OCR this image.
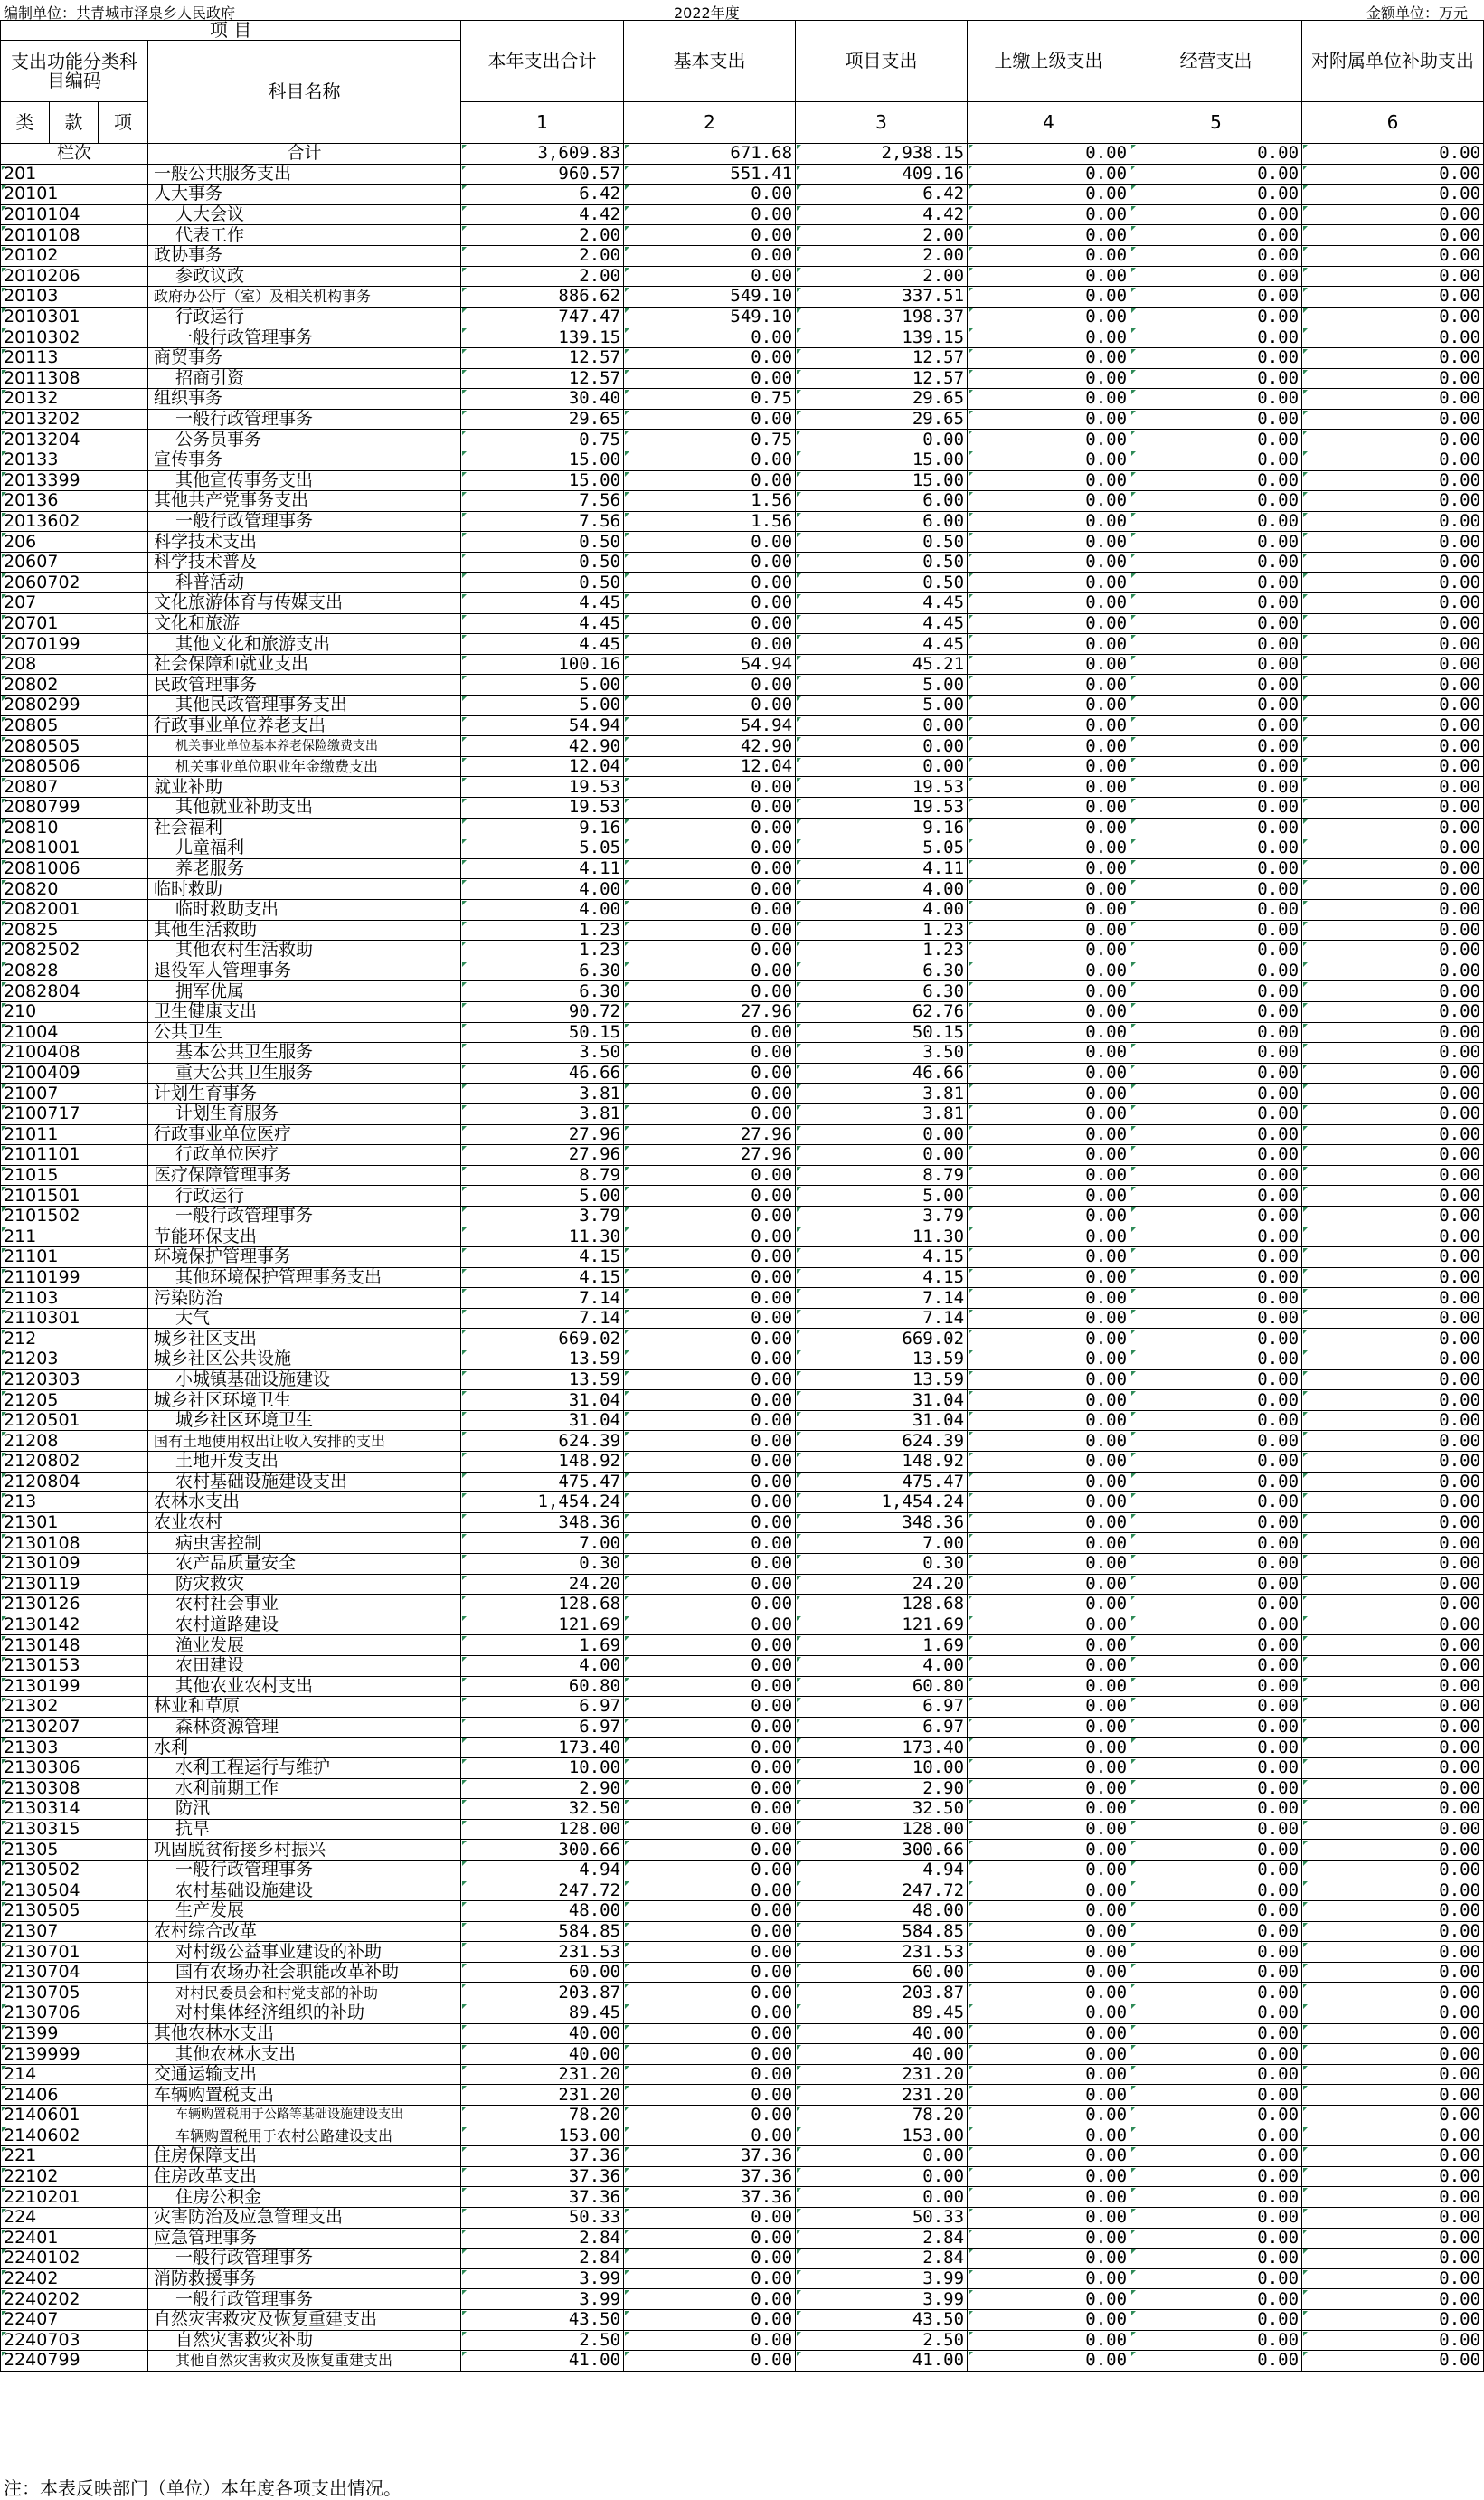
编制单位：共青城市泽泉乡人民政府	2022年度	金额单位：万元
项 目				本年支出合计	基本支出	项目支出	上缴上级支出	经营支出	对附属单位补助支出
支出功能分类科目编码			科目名称						
类	款	项		1	2	3	4	5	6
栏次			合计	3,609.83	671.68	2,938.15	0.00	0.00	0.00
201			一般公共服务支出	960.57	551.41	409.16	0.00	0.00	0.00
20101			人大事务	6.42	0.00	6.42	0.00	0.00	0.00
2010104			人大会议	4.42	0.00	4.42	0.00	0.00	0.00
2010108			代表工作	2.00	0.00	2.00	0.00	0.00	0.00
20102			政协事务	2.00	0.00	2.00	0.00	0.00	0.00
2010206			参政议政	2.00	0.00	2.00	0.00	0.00	0.00
20103			政府办公厅（室）及相关机构事务	886.62	549.10	337.51	0.00	0.00	0.00
2010301			行政运行	747.47	549.10	198.37	0.00	0.00	0.00
2010302			一般行政管理事务	139.15	0.00	139.15	0.00	0.00	0.00
20113			商贸事务	12.57	0.00	12.57	0.00	0.00	0.00
2011308			招商引资	12.57	0.00	12.57	0.00	0.00	0.00
20132			组织事务	30.40	0.75	29.65	0.00	0.00	0.00
2013202			一般行政管理事务	29.65	0.00	29.65	0.00	0.00	0.00
2013204			公务员事务	0.75	0.75	0.00	0.00	0.00	0.00
20133			宣传事务	15.00	0.00	15.00	0.00	0.00	0.00
2013399			其他宣传事务支出	15.00	0.00	15.00	0.00	0.00	0.00
20136			其他共产党事务支出	7.56	1.56	6.00	0.00	0.00	0.00
2013602			一般行政管理事务	7.56	1.56	6.00	0.00	0.00	0.00
206			科学技术支出	0.50	0.00	0.50	0.00	0.00	0.00
20607			科学技术普及	0.50	0.00	0.50	0.00	0.00	0.00
2060702			科普活动	0.50	0.00	0.50	0.00	0.00	0.00
207			文化旅游体育与传媒支出	4.45	0.00	4.45	0.00	0.00	0.00
20701			文化和旅游	4.45	0.00	4.45	0.00	0.00	0.00
2070199			其他文化和旅游支出	4.45	0.00	4.45	0.00	0.00	0.00
208			社会保障和就业支出	100.16	54.94	45.21	0.00	0.00	0.00
20802			民政管理事务	5.00	0.00	5.00	0.00	0.00	0.00
2080299			其他民政管理事务支出	5.00	0.00	5.00	0.00	0.00	0.00
20805			行政事业单位养老支出	54.94	54.94	0.00	0.00	0.00	0.00
2080505			机关事业单位基本养老保险缴费支出	42.90	42.90	0.00	0.00	0.00	0.00
2080506			机关事业单位职业年金缴费支出	12.04	12.04	0.00	0.00	0.00	0.00
20807			就业补助	19.53	0.00	19.53	0.00	0.00	0.00
2080799			其他就业补助支出	19.53	0.00	19.53	0.00	0.00	0.00
20810			社会福利	9.16	0.00	9.16	0.00	0.00	0.00
2081001			儿童福利	5.05	0.00	5.05	0.00	0.00	0.00
2081006			养老服务	4.11	0.00	4.11	0.00	0.00	0.00
20820			临时救助	4.00	0.00	4.00	0.00	0.00	0.00
2082001			临时救助支出	4.00	0.00	4.00	0.00	0.00	0.00
20825			其他生活救助	1.23	0.00	1.23	0.00	0.00	0.00
2082502			其他农村生活救助	1.23	0.00	1.23	0.00	0.00	0.00
20828			退役军人管理事务	6.30	0.00	6.30	0.00	0.00	0.00
2082804			拥军优属	6.30	0.00	6.30	0.00	0.00	0.00
210			卫生健康支出	90.72	27.96	62.76	0.00	0.00	0.00
21004			公共卫生	50.15	0.00	50.15	0.00	0.00	0.00
2100408			基本公共卫生服务	3.50	0.00	3.50	0.00	0.00	0.00
2100409			重大公共卫生服务	46.66	0.00	46.66	0.00	0.00	0.00
21007			计划生育事务	3.81	0.00	3.81	0.00	0.00	0.00
2100717			计划生育服务	3.81	0.00	3.81	0.00	0.00	0.00
21011			行政事业单位医疗	27.96	27.96	0.00	0.00	0.00	0.00
2101101			行政单位医疗	27.96	27.96	0.00	0.00	0.00	0.00
21015			医疗保障管理事务	8.79	0.00	8.79	0.00	0.00	0.00
2101501			行政运行	5.00	0.00	5.00	0.00	0.00	0.00
2101502			一般行政管理事务	3.79	0.00	3.79	0.00	0.00	0.00
211			节能环保支出	11.30	0.00	11.30	0.00	0.00	0.00
21101			环境保护管理事务	4.15	0.00	4.15	0.00	0.00	0.00
2110199			其他环境保护管理事务支出	4.15	0.00	4.15	0.00	0.00	0.00
21103			污染防治	7.14	0.00	7.14	0.00	0.00	0.00
2110301			大气	7.14	0.00	7.14	0.00	0.00	0.00
212			城乡社区支出	669.02	0.00	669.02	0.00	0.00	0.00
21203			城乡社区公共设施	13.59	0.00	13.59	0.00	0.00	0.00
2120303			小城镇基础设施建设	13.59	0.00	13.59	0.00	0.00	0.00
21205			城乡社区环境卫生	31.04	0.00	31.04	0.00	0.00	0.00
2120501			城乡社区环境卫生	31.04	0.00	31.04	0.00	0.00	0.00
21208			国有土地使用权出让收入安排的支出	624.39	0.00	624.39	0.00	0.00	0.00
2120802			土地开发支出	148.92	0.00	148.92	0.00	0.00	0.00
2120804			农村基础设施建设支出	475.47	0.00	475.47	0.00	0.00	0.00
213			农林水支出	1,454.24	0.00	1,454.24	0.00	0.00	0.00
21301			农业农村	348.36	0.00	348.36	0.00	0.00	0.00
2130108			病虫害控制	7.00	0.00	7.00	0.00	0.00	0.00
2130109			农产品质量安全	0.30	0.00	0.30	0.00	0.00	0.00
2130119			防灾救灾	24.20	0.00	24.20	0.00	0.00	0.00
2130126			农村社会事业	128.68	0.00	128.68	0.00	0.00	0.00
2130142			农村道路建设	121.69	0.00	121.69	0.00	0.00	0.00
2130148			渔业发展	1.69	0.00	1.69	0.00	0.00	0.00
2130153			农田建设	4.00	0.00	4.00	0.00	0.00	0.00
2130199			其他农业农村支出	60.80	0.00	60.80	0.00	0.00	0.00
21302			林业和草原	6.97	0.00	6.97	0.00	0.00	0.00
2130207			森林资源管理	6.97	0.00	6.97	0.00	0.00	0.00
21303			水利	173.40	0.00	173.40	0.00	0.00	0.00
2130306			水利工程运行与维护	10.00	0.00	10.00	0.00	0.00	0.00
2130308			水利前期工作	2.90	0.00	2.90	0.00	0.00	0.00
2130314			防汛	32.50	0.00	32.50	0.00	0.00	0.00
2130315			抗旱	128.00	0.00	128.00	0.00	0.00	0.00
21305			巩固脱贫衔接乡村振兴	300.66	0.00	300.66	0.00	0.00	0.00
2130502			一般行政管理事务	4.94	0.00	4.94	0.00	0.00	0.00
2130504			农村基础设施建设	247.72	0.00	247.72	0.00	0.00	0.00
2130505			生产发展	48.00	0.00	48.00	0.00	0.00	0.00
21307			农村综合改革	584.85	0.00	584.85	0.00	0.00	0.00
2130701			对村级公益事业建设的补助	231.53	0.00	231.53	0.00	0.00	0.00
2130704			国有农场办社会职能改革补助	60.00	0.00	60.00	0.00	0.00	0.00
2130705			对村民委员会和村党支部的补助	203.87	0.00	203.87	0.00	0.00	0.00
2130706			对村集体经济组织的补助	89.45	0.00	89.45	0.00	0.00	0.00
21399			其他农林水支出	40.00	0.00	40.00	0.00	0.00	0.00
2139999			其他农林水支出	40.00	0.00	40.00	0.00	0.00	0.00
214			交通运输支出	231.20	0.00	231.20	0.00	0.00	0.00
21406			车辆购置税支出	231.20	0.00	231.20	0.00	0.00	0.00
2140601			车辆购置税用于公路等基础设施建设支出	78.20	0.00	78.20	0.00	0.00	0.00
2140602			车辆购置税用于农村公路建设支出	153.00	0.00	153.00	0.00	0.00	0.00
221			住房保障支出	37.36	37.36	0.00	0.00	0.00	0.00
22102			住房改革支出	37.36	37.36	0.00	0.00	0.00	0.00
2210201			住房公积金	37.36	37.36	0.00	0.00	0.00	0.00
224			灾害防治及应急管理支出	50.33	0.00	50.33	0.00	0.00	0.00
22401			应急管理事务	2.84	0.00	2.84	0.00	0.00	0.00
2240102			一般行政管理事务	2.84	0.00	2.84	0.00	0.00	0.00
22402			消防救援事务	3.99	0.00	3.99	0.00	0.00	0.00
2240202			一般行政管理事务	3.99	0.00	3.99	0.00	0.00	0.00
22407			自然灾害救灾及恢复重建支出	43.50	0.00	43.50	0.00	0.00	0.00
2240703			自然灾害救灾补助	2.50	0.00	2.50	0.00	0.00	0.00
2240799			其他自然灾害救灾及恢复重建支出	41.00	0.00	41.00	0.00	0.00	0.00
注：本表反映部门（单位）本年度各项支出情况。
